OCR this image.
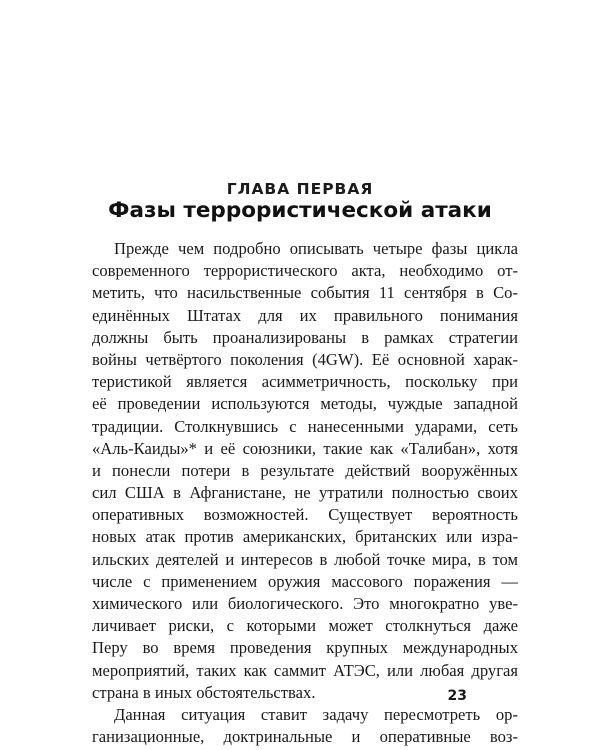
ГЛАВА ПЕРВАЯ
Фазы террористической атаки
Прежде чем подробно описывать четыре фазы цикла
современного террористического акта, необходимо от-
метить, что насильственные события 11 сентября в Со-
единённых Штатах для их правильного понимания
должны быть проанализированы в рамках стратегии
войны четвёртого поколения (4GW). Её основной харак-
теристикой является асимметричность, поскольку при
её проведении используются методы, чуждые западной
традиции. Столкнувшись с нанесенными ударами, сеть
«Аль-Каиды»* и её союзники, такие как «Талибан», хотя
и понесли потери в результате действий вооружённых
сил США в Афганистане, не утратили полностью своих
оперативных возможностей. Существует вероятность
новых атак против американских, британских или изра-
ильских деятелей и интересов в любой точке мира, в том
числе с применением оружия массового поражения —
химического или биологического. Это многократно уве-
личивает риски, с которыми может столкнуться даже
Перу во время проведения крупных международных
мероприятий, таких как саммит АТЭС, или любая другая
страна в иных обстоятельствах.
Данная ситуация ставит задачу пересмотреть ор-
ганизационные, доктринальные и оперативные воз-
23
